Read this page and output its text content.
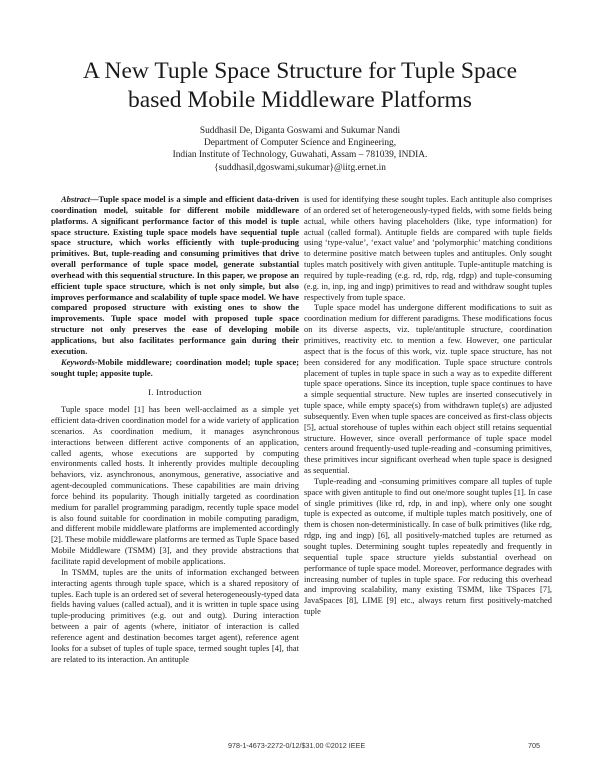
A New Tuple Space Structure for Tuple Space
based Mobile Middleware Platforms
Suddhasil De, Diganta Goswami and Sukumar Nandi
Department of Computer Science and Engineering,
Indian Institute of Technology, Guwahati, Assam – 781039, INDIA.
{suddhasil,dgoswami,sukumar}@iitg.ernet.in

Abstract—Tuple space model is a simple and efficient data-driven coordination model, suitable for different mobile middleware platforms. A significant performance factor of this model is tuple space structure. Existing tuple space models have sequential tuple space structure, which works efficiently with tuple-producing primitives. But, tuple-reading and consuming primitives that drive overall performance of tuple space model, generate substantial overhead with this sequential structure. In this paper, we propose an efficient tuple space structure, which is not only simple, but also improves performance and scalability of tuple space model. We have compared proposed structure with existing ones to show the improvements. Tuple space model with proposed tuple space structure not only preserves the ease of developing mobile applications, but also facilitates performance gain during their execution.

Keywords-Mobile middleware; coordination model; tuple space; sought tuple; apposite tuple.

I. Introduction

Tuple space model [1] has been well-acclaimed as a simple yet efficient data-driven coordination model for a wide variety of application scenarios. As coordination medium, it manages asynchronous interactions between different active components of an application, called agents, whose executions are supported by computing environments called hosts. It inherently provides multiple decoupling behaviors, viz. asynchronous, anonymous, generative, associative and agent-decoupled communications. These capabilities are main driving force behind its popularity. Though initially targeted as coordination medium for parallel programming paradigm, recently tuple space model is also found suitable for coordination in mobile computing paradigm, and different mobile middleware platforms are implemented accordingly [2]. These mobile middleware platforms are termed as Tuple Space based Mobile Middleware (TSMM) [3], and they provide abstractions that facilitate rapid development of mobile applications.

In TSMM, tuples are the units of information exchanged between interacting agents through tuple space, which is a shared repository of tuples. Each tuple is an ordered set of several heterogeneously-typed data fields having values (called actual), and it is written in tuple space using tuple-producing primitives (e.g. out and outg). During interaction between a pair of agents (where, initiator of interaction is called reference agent and destination becomes target agent), reference agent looks for a subset of tuples of tuple space, termed sought tuples [4], that are related to its interaction. An antituple

is used for identifying these sought tuples. Each antituple also comprises of an ordered set of heterogeneously-typed fields, with some fields being actual, while others having placeholders (like, type information) for actual (called formal). Antituple fields are compared with tuple fields using ‘type-value’, ‘exact value’ and ‘polymorphic’ matching conditions to determine positive match between tuples and antituples. Only sought tuples match positively with given antituple. Tuple-antituple matching is required by tuple-reading (e.g. rd, rdp, rdg, rdgp) and tuple-consuming (e.g. in, inp, ing and ingp) primitives to read and withdraw sought tuples respectively from tuple space.

Tuple space model has undergone different modifications to suit as coordination medium for different paradigms. These modifications focus on its diverse aspects, viz. tuple/antituple structure, coordination primitives, reactivity etc. to mention a few. However, one particular aspect that is the focus of this work, viz. tuple space structure, has not been considered for any modification. Tuple space structure controls placement of tuples in tuple space in such a way as to expedite different tuple space operations. Since its inception, tuple space continues to have a simple sequential structure. New tuples are inserted consecutively in tuple space, while empty space(s) from withdrawn tuple(s) are adjusted subsequently. Even when tuple spaces are conceived as first-class objects [5], actual storehouse of tuples within each object still retains sequential structure. However, since overall performance of tuple space model centers around frequently-used tuple-reading and -consuming primitives, these primitives incur significant overhead when tuple space is designed as sequential.

Tuple-reading and -consuming primitives compare all tuples of tuple space with given antituple to find out one/more sought tuples [1]. In case of single primitives (like rd, rdp, in and inp), where only one sought tuple is expected as outcome, if multiple tuples match positively, one of them is chosen non-deterministically. In case of bulk primitives (like rdg, rdgp, ing and ingp) [6], all positively-matched tuples are returned as sought tuples. Determining sought tuples repeatedly and frequently in sequential tuple space structure yields substantial overhead on performance of tuple space model. Moreover, performance degrades with increasing number of tuples in tuple space. For reducing this overhead and improving scalability, many existing TSMM, like TSpaces [7], JavaSpaces [8], LIME [9] etc., always return first positively-matched tuple

978-1-4673-2272-0/12/$31.00 ©2012 IEEE	705
